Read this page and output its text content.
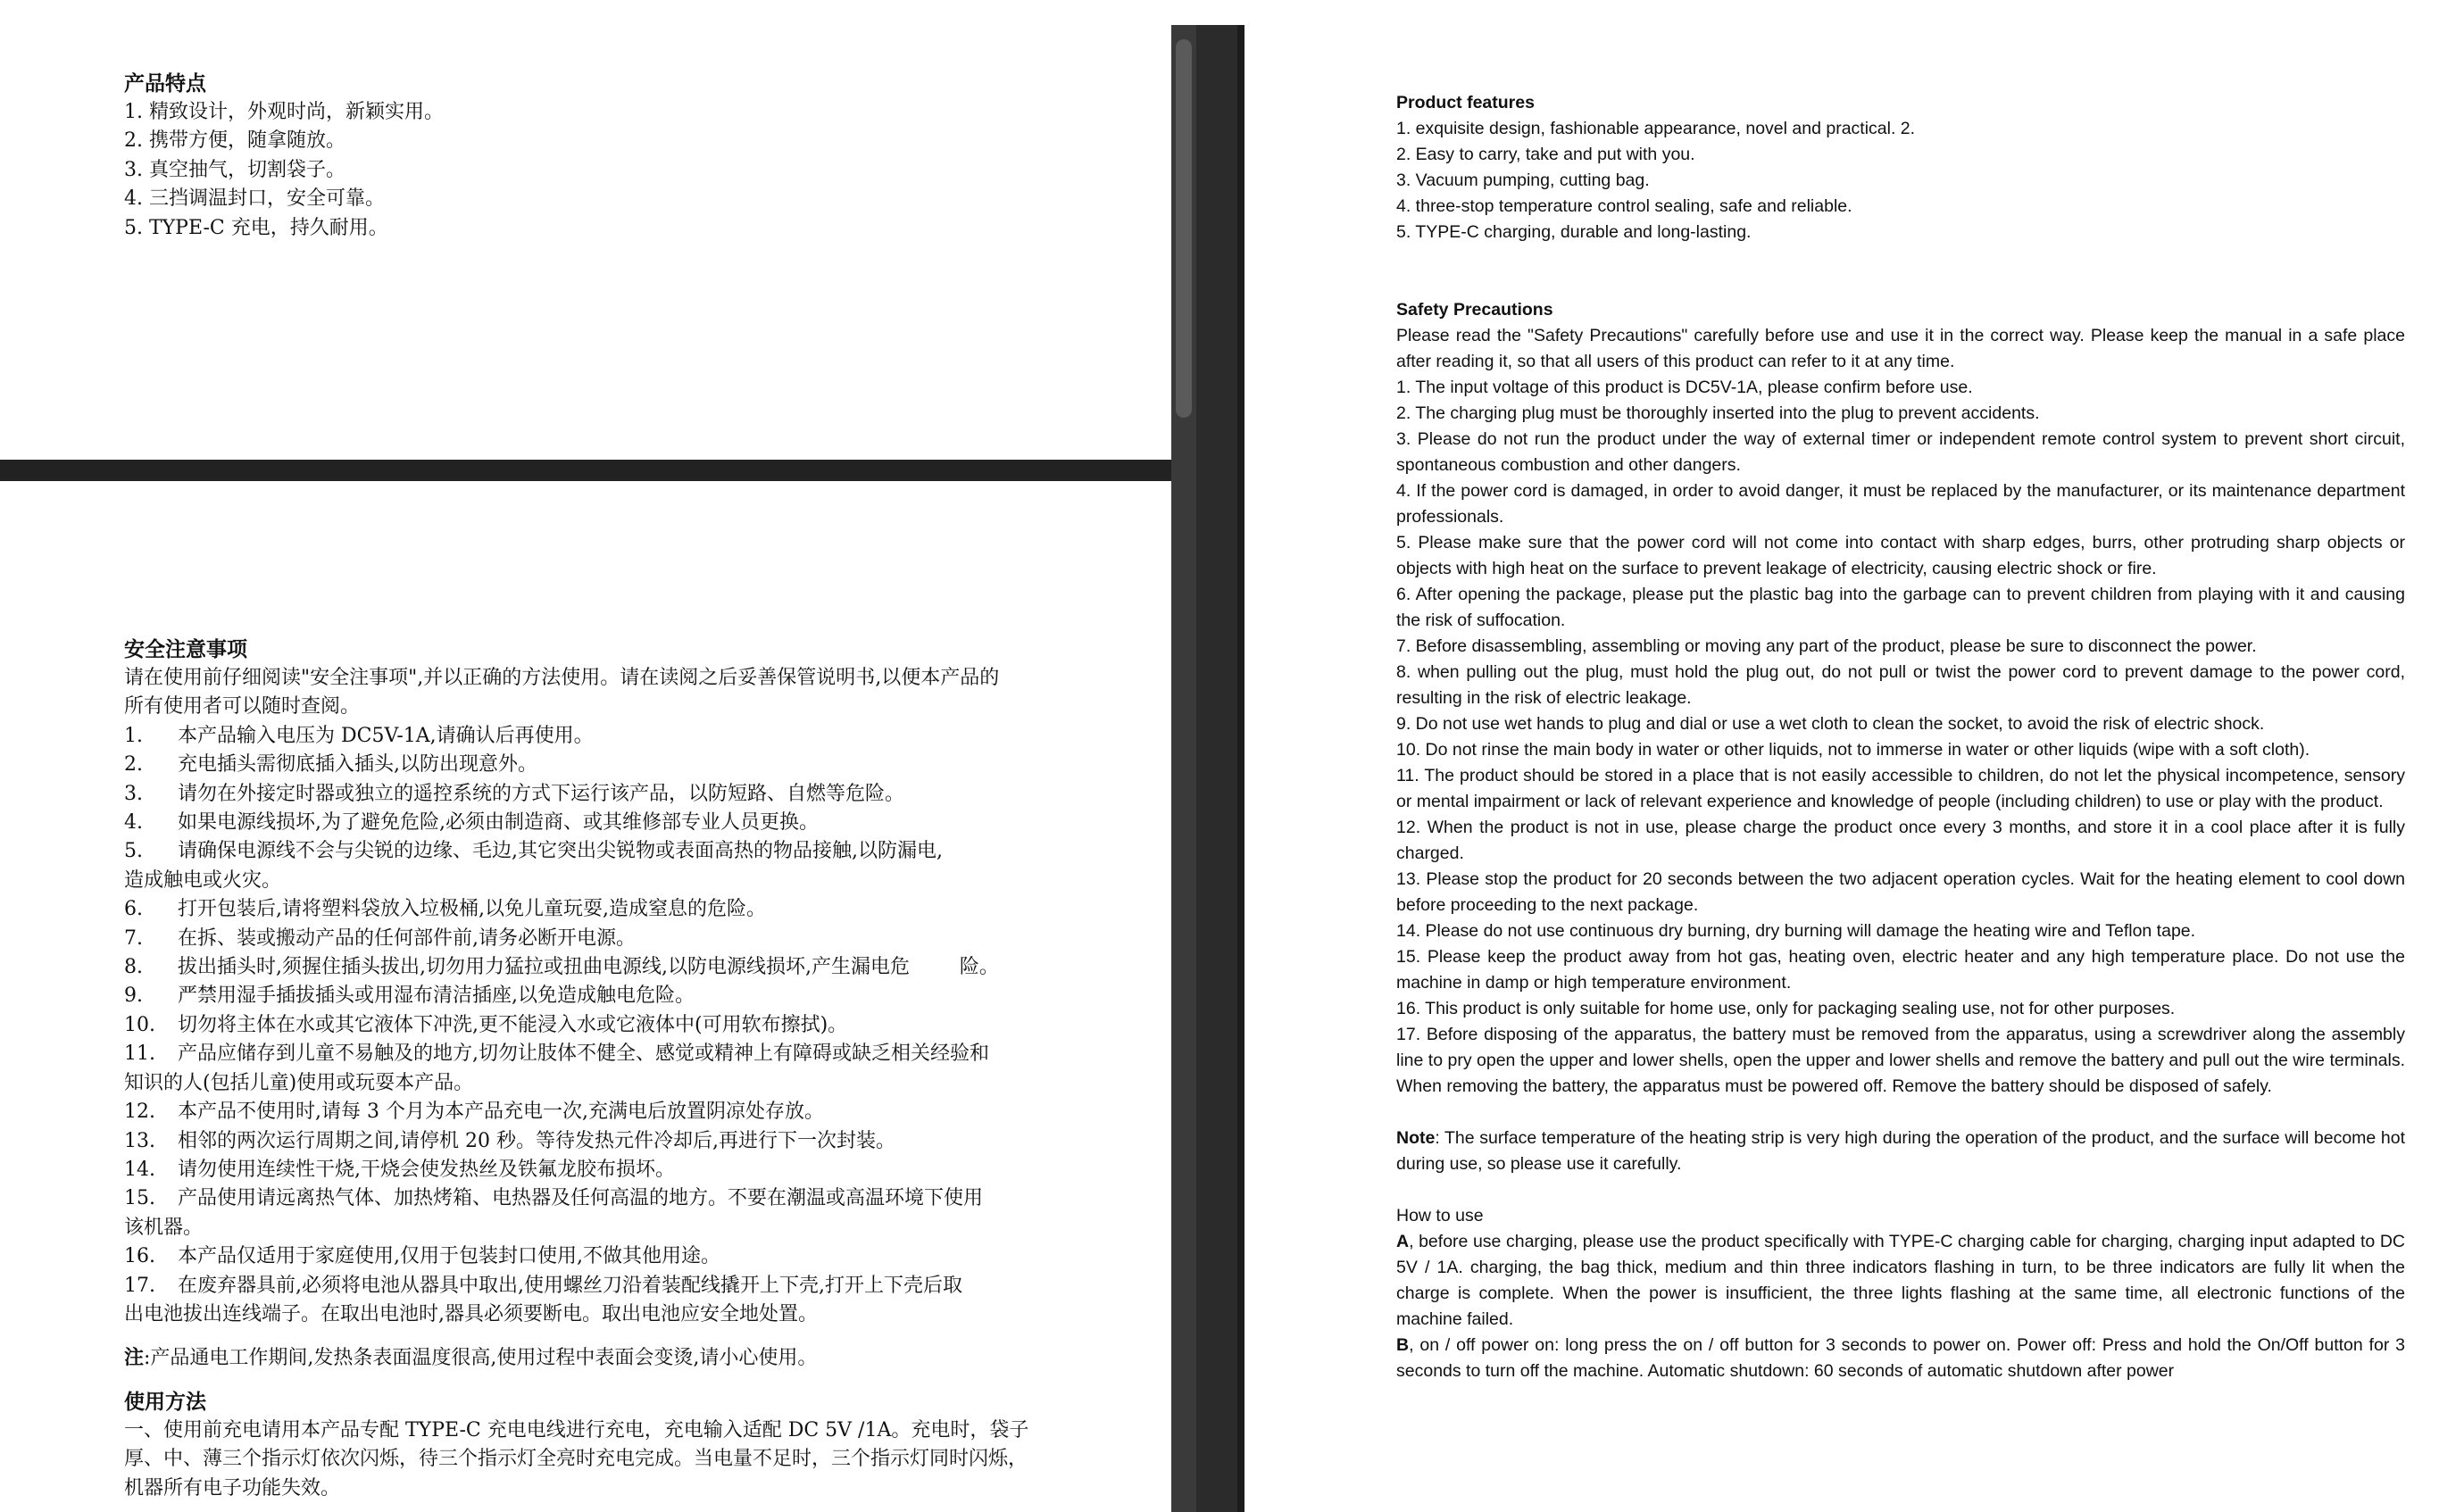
产品特点

1. 精致设计，外观时尚，新颖实用。

2. 携带方便，随拿随放。

3. 真空抽气，切割袋子。

4. 三挡调温封口，安全可靠。

5. TYPE-C 充电，持久耐用。

安全注意事项

请在使用前仔细阅读"安全注事项",并以正确的方法使用。请在读阅之后妥善保管说明书,以便本产品的

所有使用者可以随时查阅。

1. 本产品输入电压为 DC5V-1A,请确认后再使用。

2. 充电插头需彻底插入插头,以防出现意外。

3. 请勿在外接定时器或独立的遥控系统的方式下运行该产品，以防短路、自燃等危险。

4. 如果电源线损坏,为了避免危险,必须由制造商、或其维修部专业人员更换。

5. 请确保电源线不会与尖锐的边缘、毛边,其它突出尖锐物或表面高热的物品接触,以防漏电,

造成触电或火灾。

6. 打开包装后,请将塑料袋放入垃极桶,以免儿童玩耍,造成窒息的危险。

7. 在拆、装或搬动产品的任何部件前,请务必断开电源。

8. 拔出插头时,须握住插头拔出,切勿用力猛拉或扭曲电源线,以防电源线损坏,产生漏电危        险。

9. 严禁用湿手插拔插头或用湿布清洁插座,以免造成触电危险。

10. 切勿将主体在水或其它液体下冲洗,更不能浸入水或它液体中(可用软布擦拭)。

11. 产品应储存到儿童不易触及的地方,切勿让肢体不健全、感觉或精神上有障碍或缺乏相关经验和

知识的人(包括儿童)使用或玩耍本产品。

12. 本产品不使用时,请每 3 个月为本产品充电一次,充满电后放置阴凉处存放。

13. 相邻的两次运行周期之间,请停机 20 秒。等待发热元件冷却后,再进行下一次封装。

14. 请勿使用连续性干烧,干烧会使发热丝及铁氟龙胶布损坏。

15. 产品使用请远离热气体、加热烤箱、电热器及任何高温的地方。不要在潮温或高温环境下使用

该机器。

16. 本产品仅适用于家庭使用,仅用于包装封口使用,不做其他用途。

17. 在废弃器具前,必须将电池从器具中取出,使用螺丝刀沿着装配线撬开上下壳,打开上下壳后取

出电池拔出连线端子。在取出电池时,器具必须要断电。取出电池应安全地处置。

注:产品通电工作期间,发热条表面温度很高,使用过程中表面会变烫,请小心使用。

使用方法

一、使用前充电请用本产品专配 TYPE-C 充电电线进行充电，充电输入适配 DC 5V /1A。充电时，袋子

厚、中、薄三个指示灯依次闪烁，待三个指示灯全亮时充电完成。当电量不足时，三个指示灯同时闪烁，

机器所有电子功能失效。

Product features

1. exquisite design, fashionable appearance, novel and practical. 2.

2. Easy to carry, take and put with you.

3. Vacuum pumping, cutting bag.

4. three-stop temperature control sealing, safe and reliable.

5. TYPE-C charging, durable and long-lasting.

Safety Precautions

Please read the "Safety Precautions" carefully before use and use it in the correct way. Please keep the manual in a safe place after reading it, so that all users of this product can refer to it at any time.

1. The input voltage of this product is DC5V-1A, please confirm before use.

2. The charging plug must be thoroughly inserted into the plug to prevent accidents.

3. Please do not run the product under the way of external timer or independent remote control system to prevent short circuit, spontaneous combustion and other dangers.

4. If the power cord is damaged, in order to avoid danger, it must be replaced by the manufacturer, or its maintenance department professionals.

5. Please make sure that the power cord will not come into contact with sharp edges, burrs, other protruding sharp objects or objects with high heat on the surface to prevent leakage of electricity, causing electric shock or fire.

6. After opening the package, please put the plastic bag into the garbage can to prevent children from playing with it and causing the risk of suffocation.

7. Before disassembling, assembling or moving any part of the product, please be sure to disconnect the power.

8. when pulling out the plug, must hold the plug out, do not pull or twist the power cord to prevent damage to the power cord, resulting in the risk of electric leakage.

9. Do not use wet hands to plug and dial or use a wet cloth to clean the socket, to avoid the risk of electric shock.

10. Do not rinse the main body in water or other liquids, not to immerse in water or other liquids (wipe with a soft cloth).

11. The product should be stored in a place that is not easily accessible to children, do not let the physical incompetence, sensory or mental impairment or lack of relevant experience and knowledge of people (including children) to use or play with the product.

12. When the product is not in use, please charge the product once every 3 months, and store it in a cool place after it is fully charged.

13. Please stop the product for 20 seconds between the two adjacent operation cycles. Wait for the heating element to cool down before proceeding to the next package.

14. Please do not use continuous dry burning, dry burning will damage the heating wire and Teflon tape.

15. Please keep the product away from hot gas, heating oven, electric heater and any high temperature place. Do not use the machine in damp or high temperature environment.

16. This product is only suitable for home use, only for packaging sealing use, not for other purposes.

17. Before disposing of the apparatus, the battery must be removed from the apparatus, using a screwdriver along the assembly line to pry open the upper and lower shells, open the upper and lower shells and remove the battery and pull out the wire terminals. When removing the battery, the apparatus must be powered off. Remove the battery should be disposed of safely.

Note: The surface temperature of the heating strip is very high during the operation of the product, and the surface will become hot during use, so please use it carefully.

How to use

A, before use charging, please use the product specifically with TYPE-C charging cable for charging, charging input adapted to DC 5V / 1A. charging, the bag thick, medium and thin three indicators flashing in turn, to be three indicators are fully lit when the charge is complete. When the power is insufficient, the three lights flashing at the same time, all electronic functions of the machine failed.

B, on / off power on: long press the on / off button for 3 seconds to power on. Power off: Press and hold the On/Off button for 3 seconds to turn off the machine. Automatic shutdown: 60 seconds of automatic shutdown after power
